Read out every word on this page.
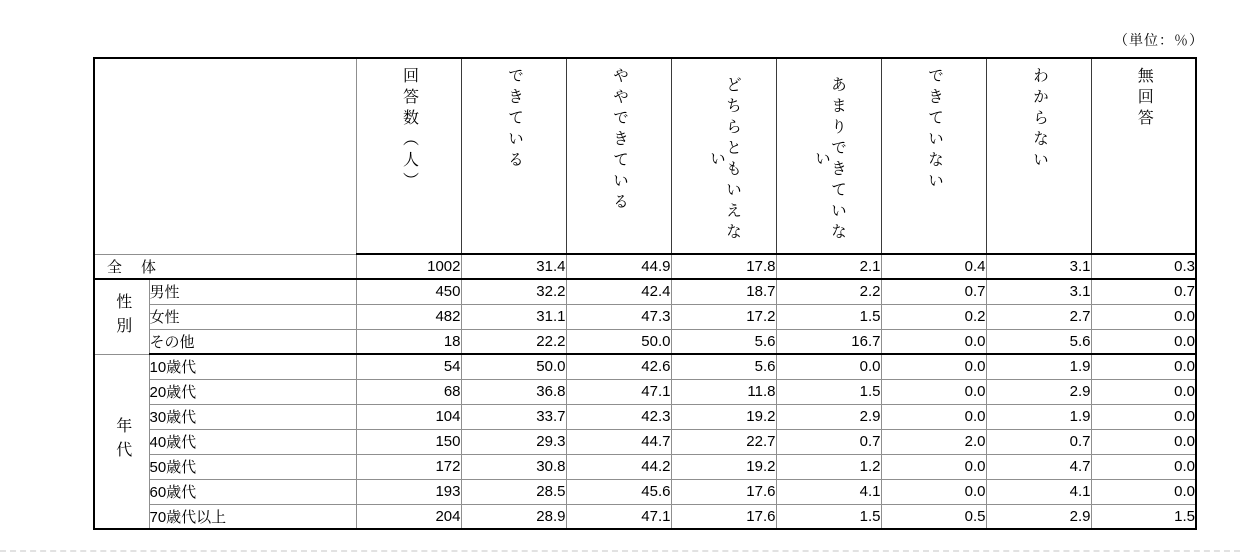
（単位：％）

		回答数（人）	できている	ややできている	どちらともいえない	あまりできていない	できていない	わからない	無回答

全　体		1002	31.4	44.9	17.8	2.1	0.4	3.1	0.3

性別	男性	450	32.2	42.4	18.7	2.2	0.7	3.1	0.7
	女性	482	31.1	47.3	17.2	1.5	0.2	2.7	0.0
	その他	18	22.2	50.0	5.6	16.7	0.0	5.6	0.0

年代	10歳代	54	50.0	42.6	5.6	0.0	0.0	1.9	0.0
	20歳代	68	36.8	47.1	11.8	1.5	0.0	2.9	0.0
	30歳代	104	33.7	42.3	19.2	2.9	0.0	1.9	0.0
	40歳代	150	29.3	44.7	22.7	0.7	2.0	0.7	0.0
	50歳代	172	30.8	44.2	19.2	1.2	0.0	4.7	0.0
	60歳代	193	28.5	45.6	17.6	4.1	0.0	4.1	0.0
	70歳代以上	204	28.9	47.1	17.6	1.5	0.5	2.9	1.5
